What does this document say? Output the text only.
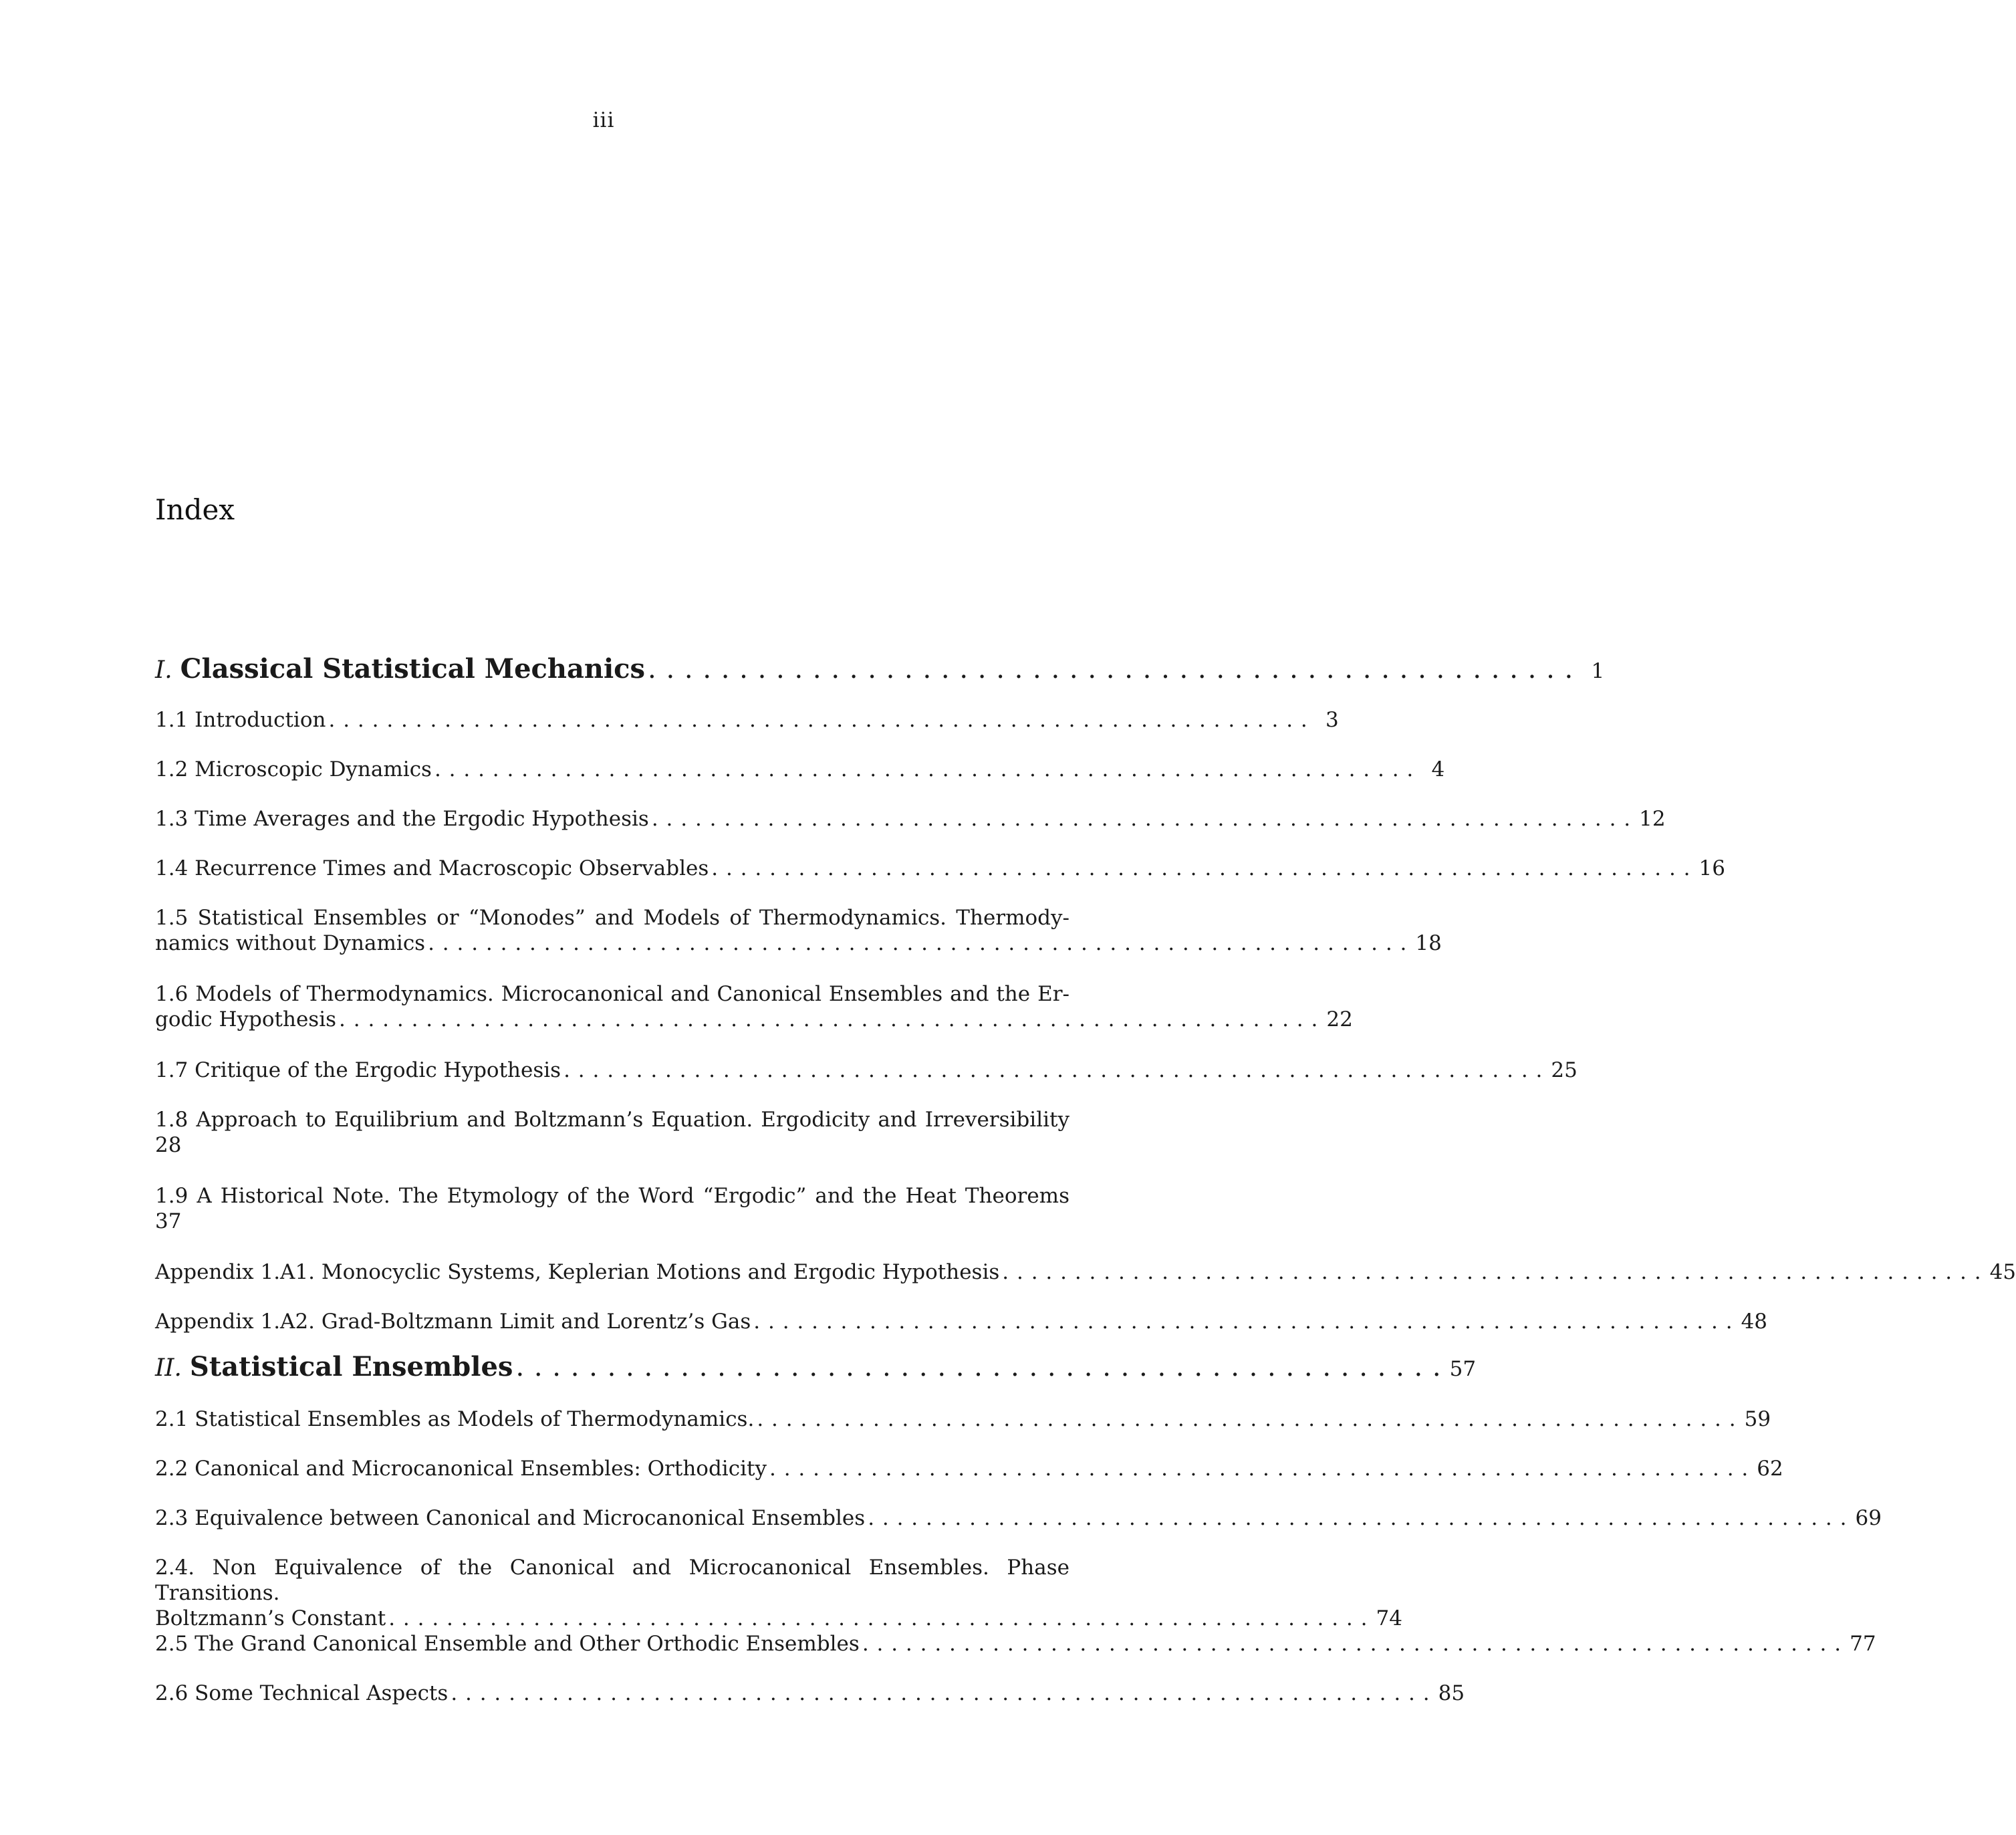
iii
Index
I. Classical Statistical Mechanics . . . . . . . . . . . . . . . . . . . . . . . . . . . . . . . . . . . . . . . . . . . . . . . . . . . 1
1.1 Introduction . . . . . . . . . . . . . . . . . . . . . . . . . . . . . . . . . . . . . . . . . . . . . . . . . . . . . . . . . . . . . . . . . . . . 3
1.2 Microscopic Dynamics . . . . . . . . . . . . . . . . . . . . . . . . . . . . . . . . . . . . . . . . . . . . . . . . . . . . . . . . . . . . . . . . . . . . 4
1.3 Time Averages and the Ergodic Hypothesis . . . . . . . . . . . . . . . . . . . . . . . . . . . . . . . . . . . . . . . . . . . . . . . . . . . . . . . . . . . . . . . . . . . . 12
1.4 Recurrence Times and Macroscopic Observables . . . . . . . . . . . . . . . . . . . . . . . . . . . . . . . . . . . . . . . . . . . . . . . . . . . . . . . . . . . . . . . . . . . . 16
1.5 Statistical Ensembles or “Monodes” and Models of Thermodynamics. Thermody-
namics without Dynamics . . . . . . . . . . . . . . . . . . . . . . . . . . . . . . . . . . . . . . . . . . . . . . . . . . . . . . . . . . . . . . . . . . . . 18
1.6 Models of Thermodynamics. Microcanonical and Canonical Ensembles and the Er-
godic Hypothesis . . . . . . . . . . . . . . . . . . . . . . . . . . . . . . . . . . . . . . . . . . . . . . . . . . . . . . . . . . . . . . . . . . . . 22
1.7 Critique of the Ergodic Hypothesis . . . . . . . . . . . . . . . . . . . . . . . . . . . . . . . . . . . . . . . . . . . . . . . . . . . . . . . . . . . . . . . . . . . . 25
1.8 Approach to Equilibrium and Boltzmann’s Equation. Ergodicity and Irreversibility
28
1.9 A Historical Note. The Etymology of the Word “Ergodic” and the Heat Theorems
37
Appendix 1.A1. Monocyclic Systems, Keplerian Motions and Ergodic Hypothesis . . . . . . . . . . . . . . . . . . . . . . . . . . . . . . . . . . . . . . . . . . . . . . . . . . . . . . . . . . . . . . . . . . . . 45
Appendix 1.A2. Grad-Boltzmann Limit and Lorentz’s Gas . . . . . . . . . . . . . . . . . . . . . . . . . . . . . . . . . . . . . . . . . . . . . . . . . . . . . . . . . . . . . . . . . . . . 48
II. Statistical Ensembles . . . . . . . . . . . . . . . . . . . . . . . . . . . . . . . . . . . . . . . . . . . . . . . . . . . 57
2.1 Statistical Ensembles as Models of Thermodynamics. . . . . . . . . . . . . . . . . . . . . . . . . . . . . . . . . . . . . . . . . . . . . . . . . . . . . . . . . . . . . . . . . . . . . 59
2.2 Canonical and Microcanonical Ensembles: Orthodicity . . . . . . . . . . . . . . . . . . . . . . . . . . . . . . . . . . . . . . . . . . . . . . . . . . . . . . . . . . . . . . . . . . . . 62
2.3 Equivalence between Canonical and Microcanonical Ensembles . . . . . . . . . . . . . . . . . . . . . . . . . . . . . . . . . . . . . . . . . . . . . . . . . . . . . . . . . . . . . . . . . . . . 69
2.4. Non Equivalence of the Canonical and Microcanonical Ensembles. Phase Transitions.
Boltzmann’s Constant . . . . . . . . . . . . . . . . . . . . . . . . . . . . . . . . . . . . . . . . . . . . . . . . . . . . . . . . . . . . . . . . . . . . 74
2.5 The Grand Canonical Ensemble and Other Orthodic Ensembles . . . . . . . . . . . . . . . . . . . . . . . . . . . . . . . . . . . . . . . . . . . . . . . . . . . . . . . . . . . . . . . . . . . . 77
2.6 Some Technical Aspects . . . . . . . . . . . . . . . . . . . . . . . . . . . . . . . . . . . . . . . . . . . . . . . . . . . . . . . . . . . . . . . . . . . . 85
